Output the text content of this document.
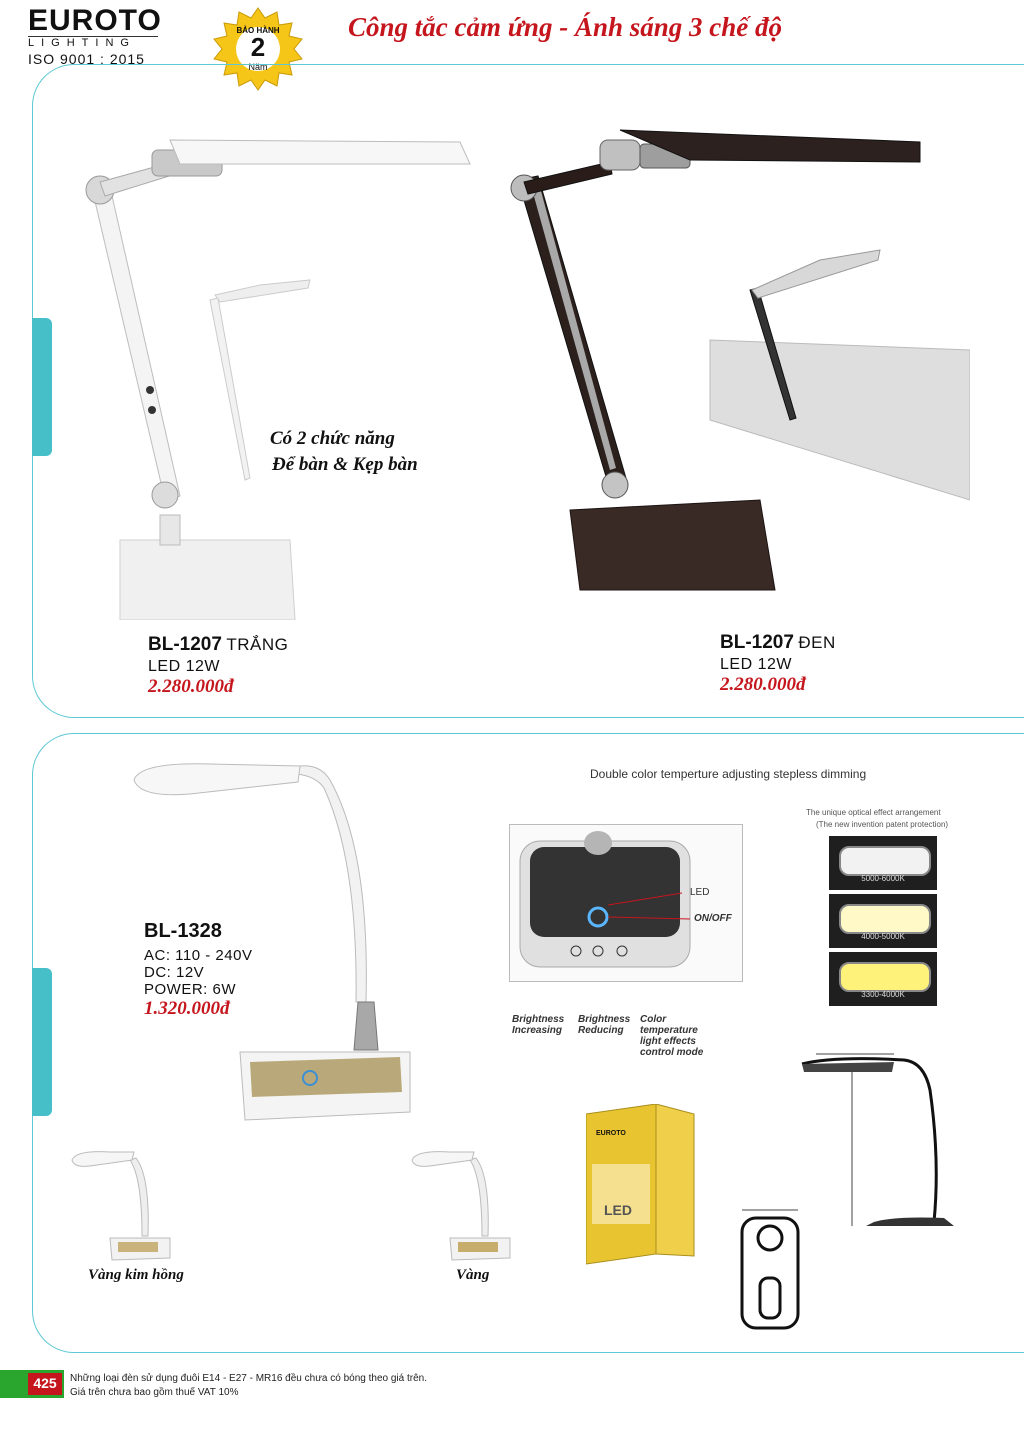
EUROTO
LIGHTING
ISO 9001 : 2015
BẢO HÀNH
2
Năm
Công tắc cảm ứng - Ánh sáng 3 chế độ
Có 2 chức năng
Để bàn & Kẹp bàn
BL-1207 TRẮNG
LED 12W
2.280.000đ
BL-1207 ĐEN
LED 12W
2.280.000đ
BL-1328
AC: 110 - 240V
DC: 12V
POWER: 6W
1.320.000đ
Double color temperture adjusting stepless dimming
LED
ON/OFF
Brightness Increasing
Brightness Reducing
Color temperature light effects control mode
The unique optical effect arrangement
(The new invention patent protection)
5000-6000K
4000-5000K
3300-4000K
Vàng kim hồng	Vàng
EUROTO
LED
425	Những loại đèn sử dụng đuôi E14 - E27 - MR16 đều chưa có bóng theo giá trên.
Giá trên chưa bao gồm thuế VAT 10%
